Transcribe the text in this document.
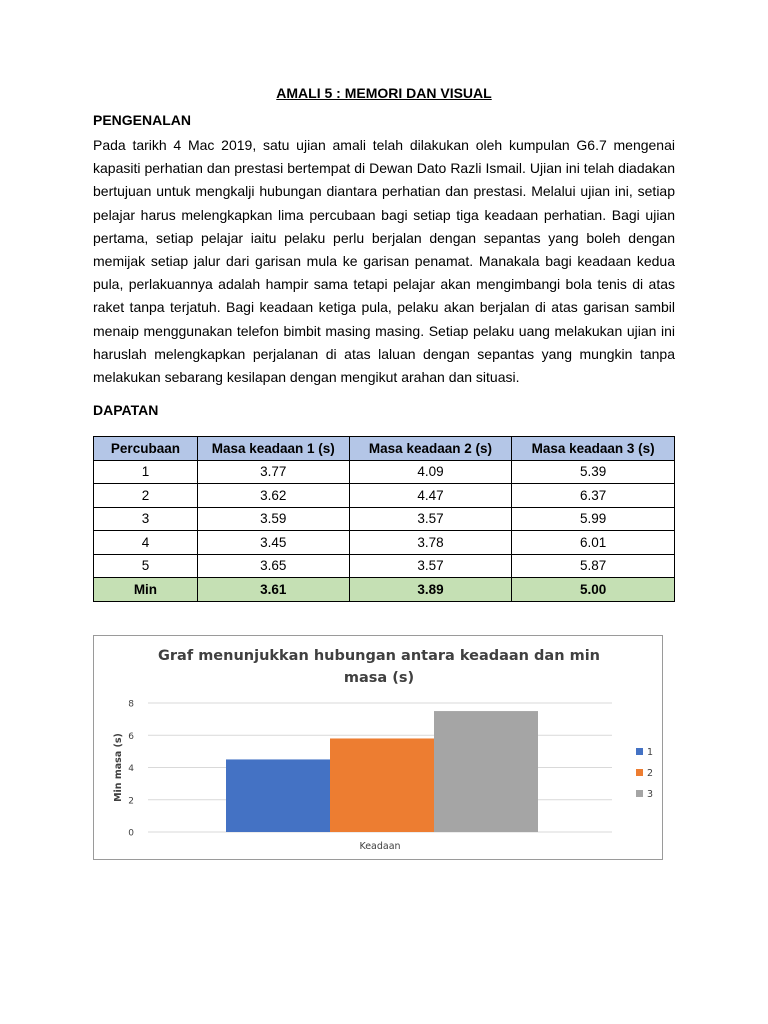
AMALI 5 : MEMORI DAN VISUAL
PENGENALAN

Pada tarikh 4 Mac 2019, satu ujian amali telah dilakukan oleh kumpulan G6.7 mengenai kapasiti perhatian dan prestasi bertempat di Dewan Dato Razli Ismail. Ujian ini telah diadakan bertujuan untuk mengkalji hubungan diantara perhatian dan prestasi. Melalui ujian ini, setiap pelajar harus melengkapkan lima percubaan bagi setiap tiga keadaan perhatian. Bagi ujian pertama, setiap pelajar iaitu pelaku perlu berjalan dengan sepantas yang boleh dengan memijak setiap jalur dari garisan mula ke garisan penamat. Manakala bagi keadaan kedua pula, perlakuannya adalah hampir sama tetapi pelajar akan mengimbangi bola tenis di atas raket tanpa terjatuh. Bagi keadaan ketiga pula, pelaku akan berjalan di atas garisan sambil menaip menggunakan telefon bimbit masing masing. Setiap pelaku uang melakukan ujian ini haruslah melengkapkan perjalanan di atas laluan dengan sepantas yang mungkin tanpa melakukan sebarang kesilapan dengan mengikut arahan dan situasi.

DAPATAN
Percubaan	Masa keadaan 1 (s)	Masa keadaan 2 (s)	Masa keadaan 3 (s)
1	3.77	4.09	5.39
2	3.62	4.47	6.37
3	3.59	3.57	5.99
4	3.45	3.78	6.01
5	3.65	3.57	5.87
Min	3.61	3.89	5.00
Graf menunjukkan hubungan antara keadaan dan min masa (s)
0
2
4
6
8
Keadaan
Min masa (s)	1
2
3
